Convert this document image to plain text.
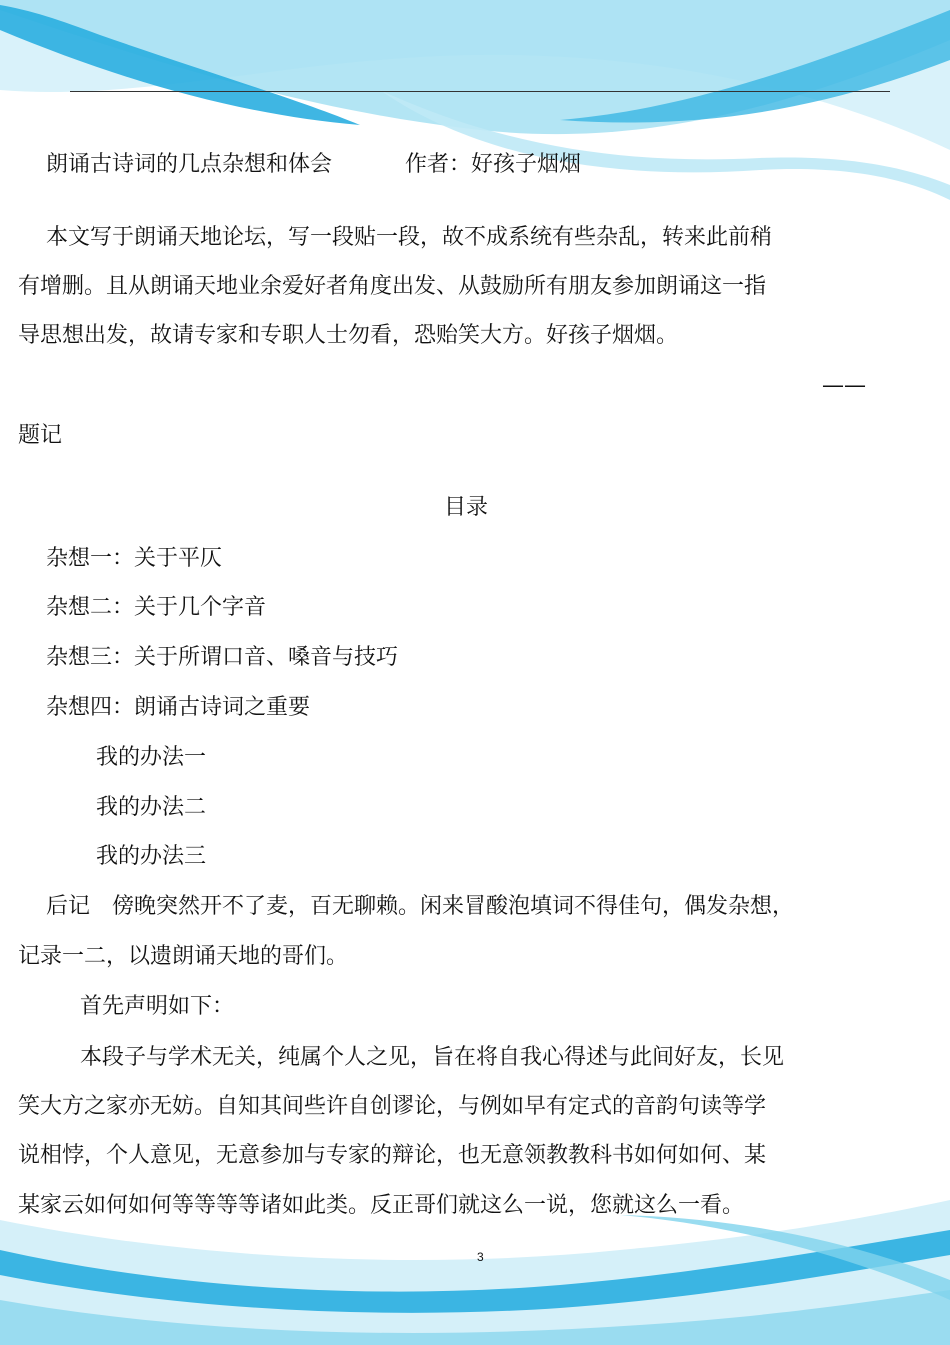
朗诵古诗词的几点杂想和体会	作者：好孩子烟烟
本文写于朗诵天地论坛，写一段贴一段，故不成系统有些杂乱，转来此前稍
有增删。且从朗诵天地业余爱好者角度出发、从鼓励所有朋友参加朗诵这一指
导思想出发，故请专家和专职人士勿看，恐贻笑大方。好孩子烟烟。
——
题记
目录
杂想一：关于平仄
杂想二：关于几个字音
杂想三：关于所谓口音、嗓音与技巧
杂想四：朗诵古诗词之重要
我的办法一
我的办法二
我的办法三
后记　傍晚突然开不了麦，百无聊赖。闲来冒酸泡填词不得佳句，偶发杂想，
记录一二，以遗朗诵天地的哥们。
首先声明如下：
本段子与学术无关，纯属个人之见，旨在将自我心得述与此间好友，长见
笑大方之家亦无妨。自知其间些许自创谬论，与例如早有定式的音韵句读等学
说相悖，个人意见，无意参加与专家的辩论，也无意领教教科书如何如何、某
某家云如何如何等等等等诸如此类。反正哥们就这么一说，您就这么一看。
3
